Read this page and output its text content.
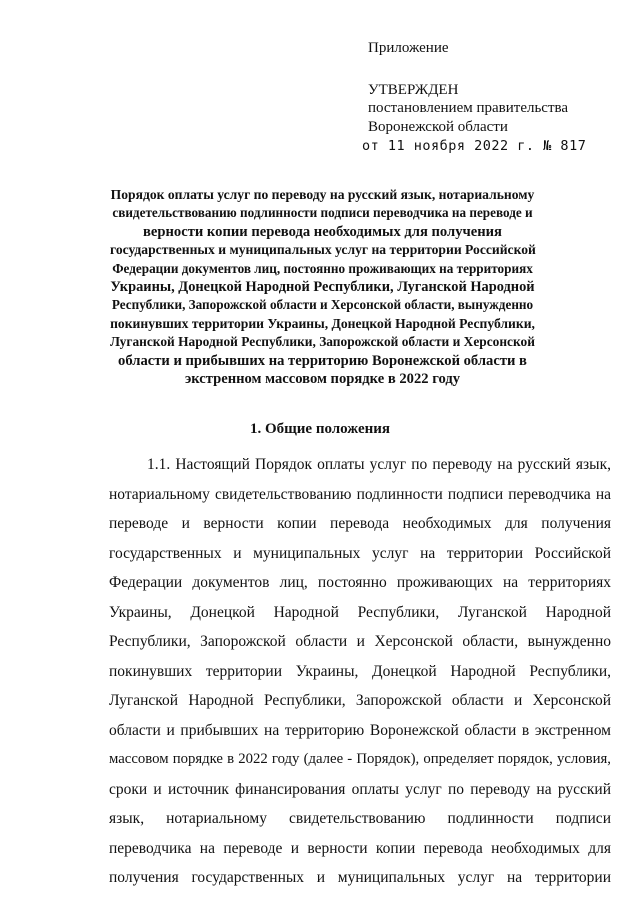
Приложение
УТВЕРЖДЕН
постановлением правительства
Воронежской области
от 11 ноября 2022 г. № 817
Порядок оплаты услуг по переводу на русский язык, нотариальному
свидетельствованию подлинности подписи переводчика на переводе и
верности копии перевода необходимых для получения
государственных и муниципальных услуг на территории Российской
Федерации документов лиц, постоянно проживающих на территориях
Украины, Донецкой Народной Республики, Луганской Народной
Республики, Запорожской области и Херсонской области, вынужденно
покинувших территории Украины, Донецкой Народной Республики,
Луганской Народной Республики, Запорожской области и Херсонской
области и прибывших на территорию Воронежской области в
экстренном массовом порядке в 2022 году
1. Общие положения
1.1. Настоящий Порядок оплаты услуг по переводу на русский язык,
нотариальному свидетельствованию подлинности подписи переводчика на
переводе и верности копии перевода необходимых для получения
государственных и муниципальных услуг на территории Российской
Федерации документов лиц, постоянно проживающих на территориях
Украины, Донецкой Народной Республики, Луганской Народной
Республики, Запорожской области и Херсонской области, вынужденно
покинувших территории Украины, Донецкой Народной Республики,
Луганской Народной Республики, Запорожской области и Херсонской
области и прибывших на территорию Воронежской области в экстренном
массовом порядке в 2022 году (далее - Порядок), определяет порядок, условия,
сроки и источник финансирования оплаты услуг по переводу на русский
язык, нотариальному свидетельствованию подлинности подписи
переводчика на переводе и верности копии перевода необходимых для
получения государственных и муниципальных услуг на территории
